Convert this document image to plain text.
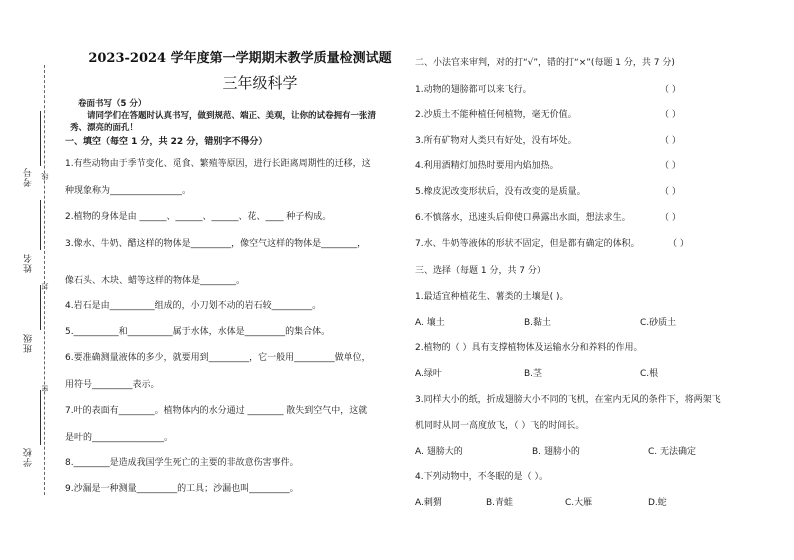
考号 线
姓名
封
班级
密
学校
2023-2024 学年度第一学期期末教学质量检测试题
三年级科学
卷面书写（5 分）
请同学们在答题时认真书写，做到规范、端正、美观，让你的试卷拥有一张清
秀、漂亮的面孔！
一、填空（每空 1 分，共 22 分，错别字不得分）
1.有些动物由于季节变化、觅食、繁殖等原因，进行长距离周期性的迁移，这
种现象称为________________。
2.植物的身体是由 ______、______、______、花、____ 种子构成。
3.像水、牛奶、醋这样的物体是_________，像空气这样的物体是________，
像石头、木块、蜡等这样的物体是________。
4.岩石是由__________组成的，小刀划不动的岩石较_________。
5.__________和__________属于水体，水体是_________的集合体。
6.要准确测量液体的多少，就要用到_________，它一般用_________做单位，
用符号_________表示。
7.叶的表面有________。植物体内的水分通过 ________ 散失到空气中，这就
是叶的________________。
8.________是造成我国学生死亡的主要的非故意伤害事件。
9.沙漏是一种测量_________的工具；沙漏也叫_________。
二、小法官来审判，对的打“√”，错的打“×”(每题 1 分，共 7 分)
1.动物的翅膀都可以来飞行。	（ ）
2.沙质土不能种植任何植物，毫无价值。	（ ）
3.所有矿物对人类只有好处，没有坏处。	（ ）
4.利用酒精灯加热时要用内焰加热。	（ ）
5.橡皮泥改变形状后，没有改变的是质量。	（ ）
6.不慎落水，迅速头后仰使口鼻露出水面，想法求生。	（ ）
7.水、牛奶等液体的形状不固定，但是都有确定的体积。	（ ）
三、选择（每题 1 分，共 7 分）
1.最适宜种植花生、薯类的土壤是( )。
A. 壤土	B.黏土	C.砂质土
2.植物的（ ）具有支撑植物体及运输水分和养料的作用。
A.绿叶	B.茎	C.根
3.同样大小的纸，折成翅膀大小不同的飞机，在室内无风的条件下，将两架飞
机同时从同一高度放飞，（ ）飞的时间长。
A. 翅膀大的	B. 翅膀小的	C. 无法确定
4.下列动物中，不冬眠的是（ ）。
A.刺猬	B.青蛙	C.大雁	D.蛇
